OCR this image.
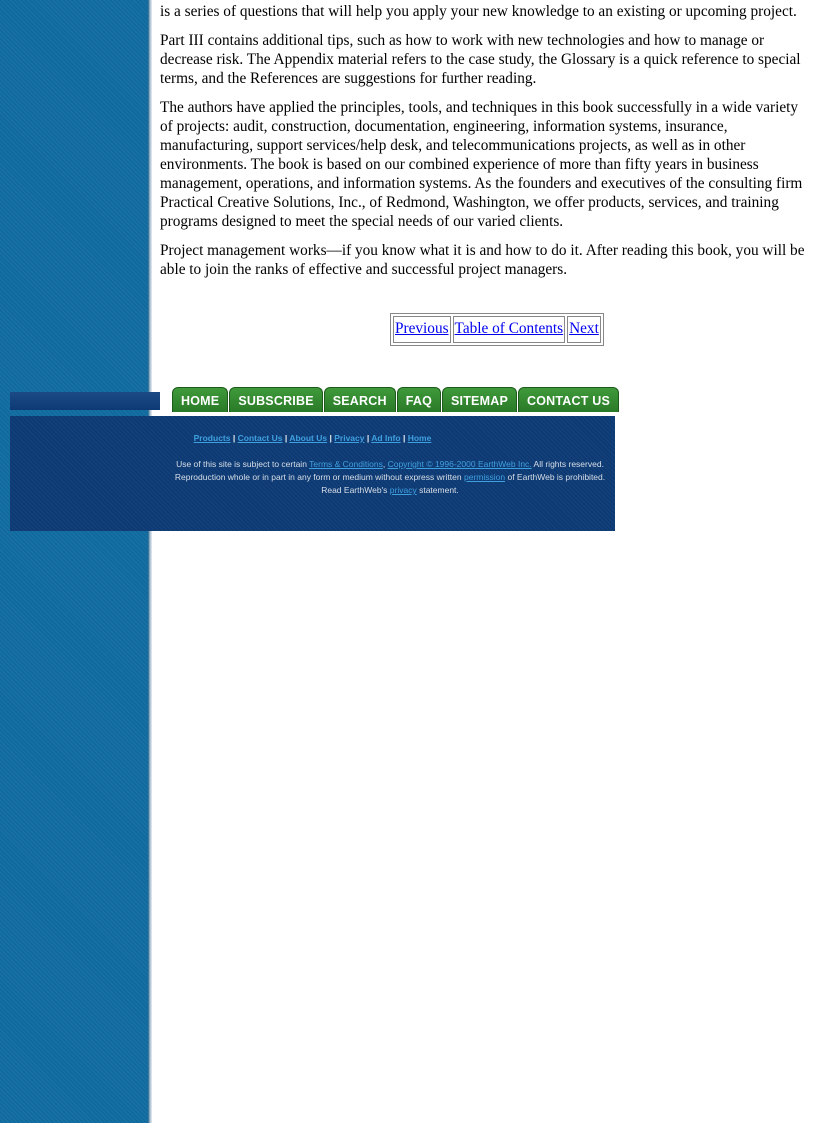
is a series of questions that will help you apply your new knowledge to an existing or upcoming project.

Part III contains additional tips, such as how to work with new technologies and how to manage or decrease risk. The Appendix material refers to the case study, the Glossary is a quick reference to special terms, and the References are suggestions for further reading.

The authors have applied the principles, tools, and techniques in this book successfully in a wide variety of projects: audit, construction, documentation, engineering, information systems, insurance, manufacturing, support services/help desk, and telecommunications projects, as well as in other environments. The book is based on our combined experience of more than fifty years in business management, operations, and information systems. As the founders and executives of the consulting firm Practical Creative Solutions, Inc., of Redmond, Washington, we offer products, services, and training programs designed to meet the special needs of our varied clients.

Project management works—if you know what it is and how to do it. After reading this book, you will be able to join the ranks of effective and successful project managers.

Previous	Table of Contents	Next
HOME	SUBSCRIBE	SEARCH	FAQ	SITEMAP	CONTACT US
Products | Contact Us | About Us | Privacy | Ad Info | Home
Use of this site is subject to certain Terms & Conditions, Copyright © 1996-2000 EarthWeb Inc. All rights reserved. Reproduction whole or in part in any form or medium without express written permission of EarthWeb is prohibited. Read EarthWeb's privacy statement.
